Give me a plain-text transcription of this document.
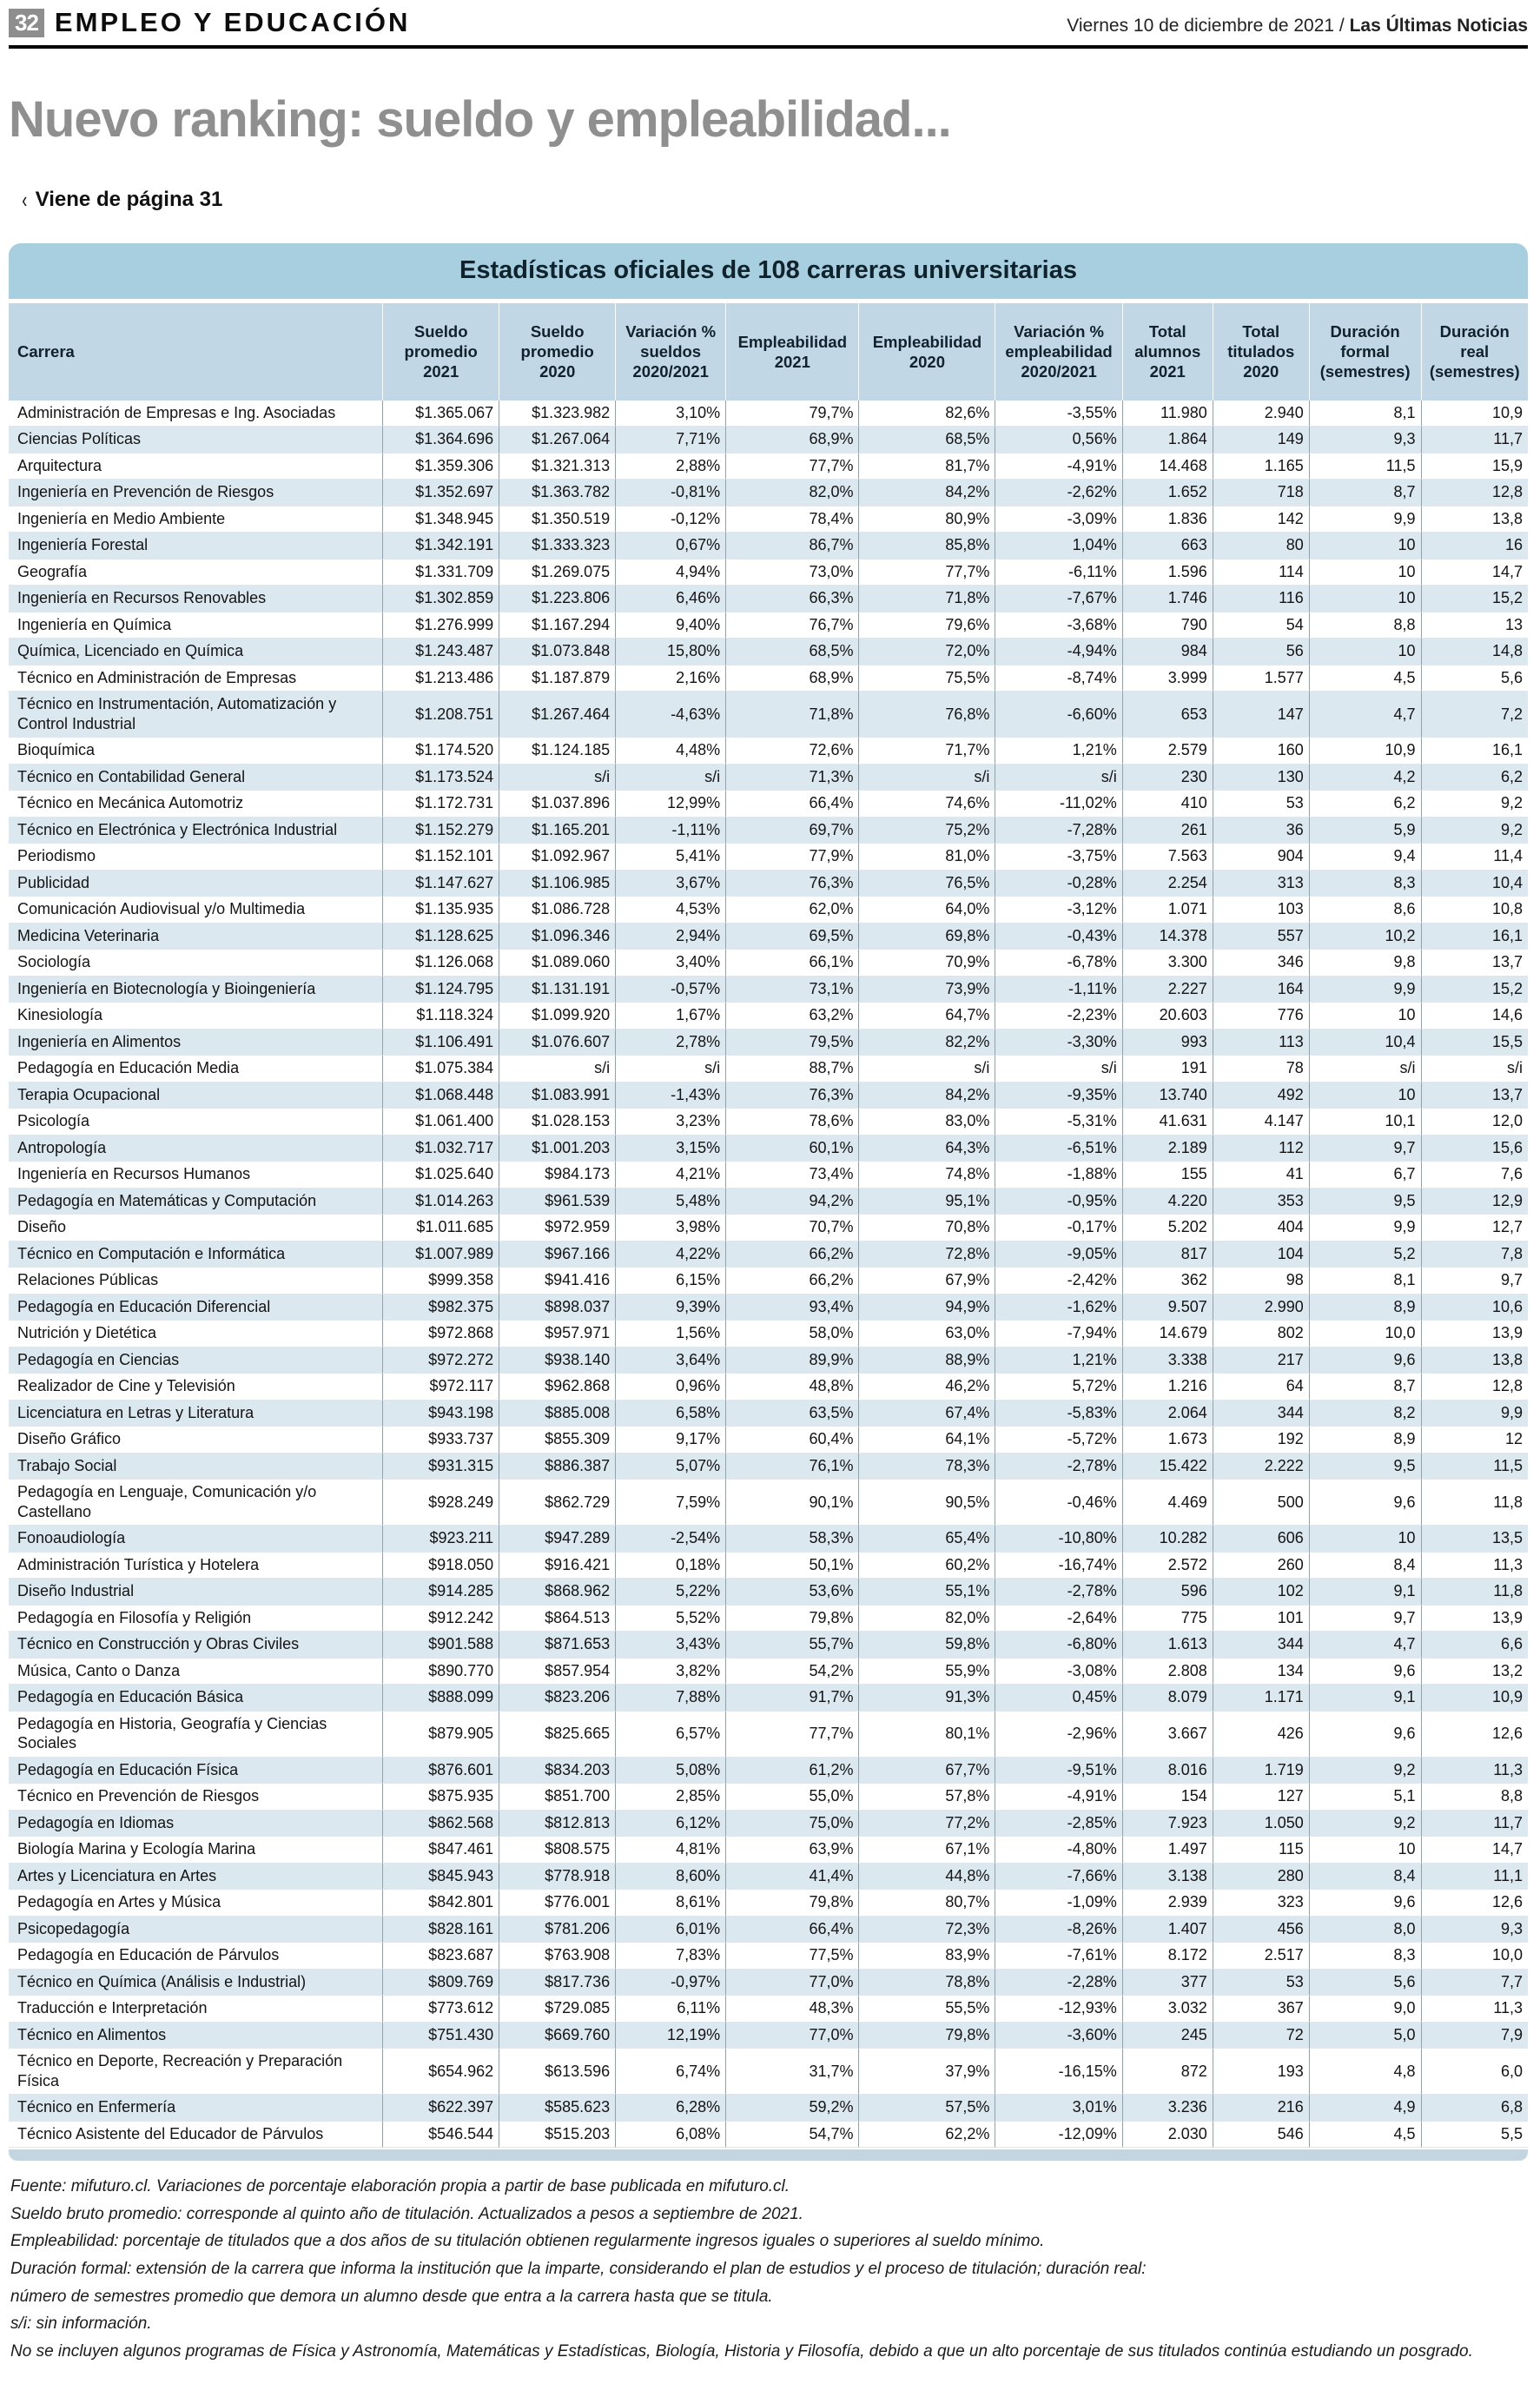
32 EMPLEO Y EDUCACIÓN	Viernes 10 de diciembre de 2021 / Las Últimas Noticias
Nuevo ranking: sueldo y empleabilidad...
‹ Viene de página 31
Estadísticas oficiales de 108 carreras universitarias
Carrera	Sueldo promedio 2021	Sueldo promedio 2020	Variación % sueldos 2020/2021	Empleabilidad 2021	Empleabilidad 2020	Variación % empleabilidad 2020/2021	Total alumnos 2021	Total titulados 2020	Duración formal (semestres)	Duración real (semestres)
Administración de Empresas e Ing. Asociadas	$1.365.067	$1.323.982	3,10%	79,7%	82,6%	-3,55%	11.980	2.940	8,1	10,9
Ciencias Políticas	$1.364.696	$1.267.064	7,71%	68,9%	68,5%	0,56%	1.864	149	9,3	11,7
Arquitectura	$1.359.306	$1.321.313	2,88%	77,7%	81,7%	-4,91%	14.468	1.165	11,5	15,9
Ingeniería en Prevención de Riesgos	$1.352.697	$1.363.782	-0,81%	82,0%	84,2%	-2,62%	1.652	718	8,7	12,8
Ingeniería en Medio Ambiente	$1.348.945	$1.350.519	-0,12%	78,4%	80,9%	-3,09%	1.836	142	9,9	13,8
Ingeniería Forestal	$1.342.191	$1.333.323	0,67%	86,7%	85,8%	1,04%	663	80	10	16
Geografía	$1.331.709	$1.269.075	4,94%	73,0%	77,7%	-6,11%	1.596	114	10	14,7
Ingeniería en Recursos Renovables	$1.302.859	$1.223.806	6,46%	66,3%	71,8%	-7,67%	1.746	116	10	15,2
Ingeniería en Química	$1.276.999	$1.167.294	9,40%	76,7%	79,6%	-3,68%	790	54	8,8	13
Química, Licenciado en Química	$1.243.487	$1.073.848	15,80%	68,5%	72,0%	-4,94%	984	56	10	14,8
Técnico en Administración de Empresas	$1.213.486	$1.187.879	2,16%	68,9%	75,5%	-8,74%	3.999	1.577	4,5	5,6
Técnico en Instrumentación, Automatización y Control Industrial	$1.208.751	$1.267.464	-4,63%	71,8%	76,8%	-6,60%	653	147	4,7	7,2
Bioquímica	$1.174.520	$1.124.185	4,48%	72,6%	71,7%	1,21%	2.579	160	10,9	16,1
Técnico en Contabilidad General	$1.173.524	s/i	s/i	71,3%	s/i	s/i	230	130	4,2	6,2
Técnico en Mecánica Automotriz	$1.172.731	$1.037.896	12,99%	66,4%	74,6%	-11,02%	410	53	6,2	9,2
Técnico en Electrónica y Electrónica Industrial	$1.152.279	$1.165.201	-1,11%	69,7%	75,2%	-7,28%	261	36	5,9	9,2
Periodismo	$1.152.101	$1.092.967	5,41%	77,9%	81,0%	-3,75%	7.563	904	9,4	11,4
Publicidad	$1.147.627	$1.106.985	3,67%	76,3%	76,5%	-0,28%	2.254	313	8,3	10,4
Comunicación Audiovisual y/o Multimedia	$1.135.935	$1.086.728	4,53%	62,0%	64,0%	-3,12%	1.071	103	8,6	10,8
Medicina Veterinaria	$1.128.625	$1.096.346	2,94%	69,5%	69,8%	-0,43%	14.378	557	10,2	16,1
Sociología	$1.126.068	$1.089.060	3,40%	66,1%	70,9%	-6,78%	3.300	346	9,8	13,7
Ingeniería en Biotecnología y Bioingeniería	$1.124.795	$1.131.191	-0,57%	73,1%	73,9%	-1,11%	2.227	164	9,9	15,2
Kinesiología	$1.118.324	$1.099.920	1,67%	63,2%	64,7%	-2,23%	20.603	776	10	14,6
Ingeniería en Alimentos	$1.106.491	$1.076.607	2,78%	79,5%	82,2%	-3,30%	993	113	10,4	15,5
Pedagogía en Educación Media	$1.075.384	s/i	s/i	88,7%	s/i	s/i	191	78	s/i	s/i
Terapia Ocupacional	$1.068.448	$1.083.991	-1,43%	76,3%	84,2%	-9,35%	13.740	492	10	13,7
Psicología	$1.061.400	$1.028.153	3,23%	78,6%	83,0%	-5,31%	41.631	4.147	10,1	12,0
Antropología	$1.032.717	$1.001.203	3,15%	60,1%	64,3%	-6,51%	2.189	112	9,7	15,6
Ingeniería en Recursos Humanos	$1.025.640	$984.173	4,21%	73,4%	74,8%	-1,88%	155	41	6,7	7,6
Pedagogía en Matemáticas y Computación	$1.014.263	$961.539	5,48%	94,2%	95,1%	-0,95%	4.220	353	9,5	12,9
Diseño	$1.011.685	$972.959	3,98%	70,7%	70,8%	-0,17%	5.202	404	9,9	12,7
Técnico en Computación e Informática	$1.007.989	$967.166	4,22%	66,2%	72,8%	-9,05%	817	104	5,2	7,8
Relaciones Públicas	$999.358	$941.416	6,15%	66,2%	67,9%	-2,42%	362	98	8,1	9,7
Pedagogía en Educación Diferencial	$982.375	$898.037	9,39%	93,4%	94,9%	-1,62%	9.507	2.990	8,9	10,6
Nutrición y Dietética	$972.868	$957.971	1,56%	58,0%	63,0%	-7,94%	14.679	802	10,0	13,9
Pedagogía en Ciencias	$972.272	$938.140	3,64%	89,9%	88,9%	1,21%	3.338	217	9,6	13,8
Realizador de Cine y Televisión	$972.117	$962.868	0,96%	48,8%	46,2%	5,72%	1.216	64	8,7	12,8
Licenciatura en Letras y Literatura	$943.198	$885.008	6,58%	63,5%	67,4%	-5,83%	2.064	344	8,2	9,9
Diseño Gráfico	$933.737	$855.309	9,17%	60,4%	64,1%	-5,72%	1.673	192	8,9	12
Trabajo Social	$931.315	$886.387	5,07%	76,1%	78,3%	-2,78%	15.422	2.222	9,5	11,5
Pedagogía en Lenguaje, Comunicación y/o Castellano	$928.249	$862.729	7,59%	90,1%	90,5%	-0,46%	4.469	500	9,6	11,8
Fonoaudiología	$923.211	$947.289	-2,54%	58,3%	65,4%	-10,80%	10.282	606	10	13,5
Administración Turística y Hotelera	$918.050	$916.421	0,18%	50,1%	60,2%	-16,74%	2.572	260	8,4	11,3
Diseño Industrial	$914.285	$868.962	5,22%	53,6%	55,1%	-2,78%	596	102	9,1	11,8
Pedagogía en Filosofía y Religión	$912.242	$864.513	5,52%	79,8%	82,0%	-2,64%	775	101	9,7	13,9
Técnico en Construcción y Obras Civiles	$901.588	$871.653	3,43%	55,7%	59,8%	-6,80%	1.613	344	4,7	6,6
Música, Canto o Danza	$890.770	$857.954	3,82%	54,2%	55,9%	-3,08%	2.808	134	9,6	13,2
Pedagogía en Educación Básica	$888.099	$823.206	7,88%	91,7%	91,3%	0,45%	8.079	1.171	9,1	10,9
Pedagogía en Historia, Geografía y Ciencias Sociales	$879.905	$825.665	6,57%	77,7%	80,1%	-2,96%	3.667	426	9,6	12,6
Pedagogía en Educación Física	$876.601	$834.203	5,08%	61,2%	67,7%	-9,51%	8.016	1.719	9,2	11,3
Técnico en Prevención de Riesgos	$875.935	$851.700	2,85%	55,0%	57,8%	-4,91%	154	127	5,1	8,8
Pedagogía en Idiomas	$862.568	$812.813	6,12%	75,0%	77,2%	-2,85%	7.923	1.050	9,2	11,7
Biología Marina y Ecología Marina	$847.461	$808.575	4,81%	63,9%	67,1%	-4,80%	1.497	115	10	14,7
Artes y Licenciatura en Artes	$845.943	$778.918	8,60%	41,4%	44,8%	-7,66%	3.138	280	8,4	11,1
Pedagogía en Artes y Música	$842.801	$776.001	8,61%	79,8%	80,7%	-1,09%	2.939	323	9,6	12,6
Psicopedagogía	$828.161	$781.206	6,01%	66,4%	72,3%	-8,26%	1.407	456	8,0	9,3
Pedagogía en Educación de Párvulos	$823.687	$763.908	7,83%	77,5%	83,9%	-7,61%	8.172	2.517	8,3	10,0
Técnico en Química (Análisis e Industrial)	$809.769	$817.736	-0,97%	77,0%	78,8%	-2,28%	377	53	5,6	7,7
Traducción e Interpretación	$773.612	$729.085	6,11%	48,3%	55,5%	-12,93%	3.032	367	9,0	11,3
Técnico en Alimentos	$751.430	$669.760	12,19%	77,0%	79,8%	-3,60%	245	72	5,0	7,9
Técnico en Deporte, Recreación y Preparación Física	$654.962	$613.596	6,74%	31,7%	37,9%	-16,15%	872	193	4,8	6,0
Técnico en Enfermería	$622.397	$585.623	6,28%	59,2%	57,5%	3,01%	3.236	216	4,9	6,8
Técnico Asistente del Educador de Párvulos	$546.544	$515.203	6,08%	54,7%	62,2%	-12,09%	2.030	546	4,5	5,5

Fuente: mifuturo.cl. Variaciones de porcentaje elaboración propia a partir de base publicada en mifuturo.cl.

Sueldo bruto promedio: corresponde al quinto año de titulación. Actualizados a pesos a septiembre de 2021.

Empleabilidad: porcentaje de titulados que a dos años de su titulación obtienen regularmente ingresos iguales o superiores al sueldo mínimo.

Duración formal: extensión de la carrera que informa la institución que la imparte, considerando el plan de estudios y el proceso de titulación; duración real:

número de semestres promedio que demora un alumno desde que entra a la carrera hasta que se titula.

s/i: sin información.

No se incluyen algunos programas de Física y Astronomía, Matemáticas y Estadísticas, Biología, Historia y Filosofía, debido a que un alto porcentaje de sus titulados continúa estudiando un posgrado.
